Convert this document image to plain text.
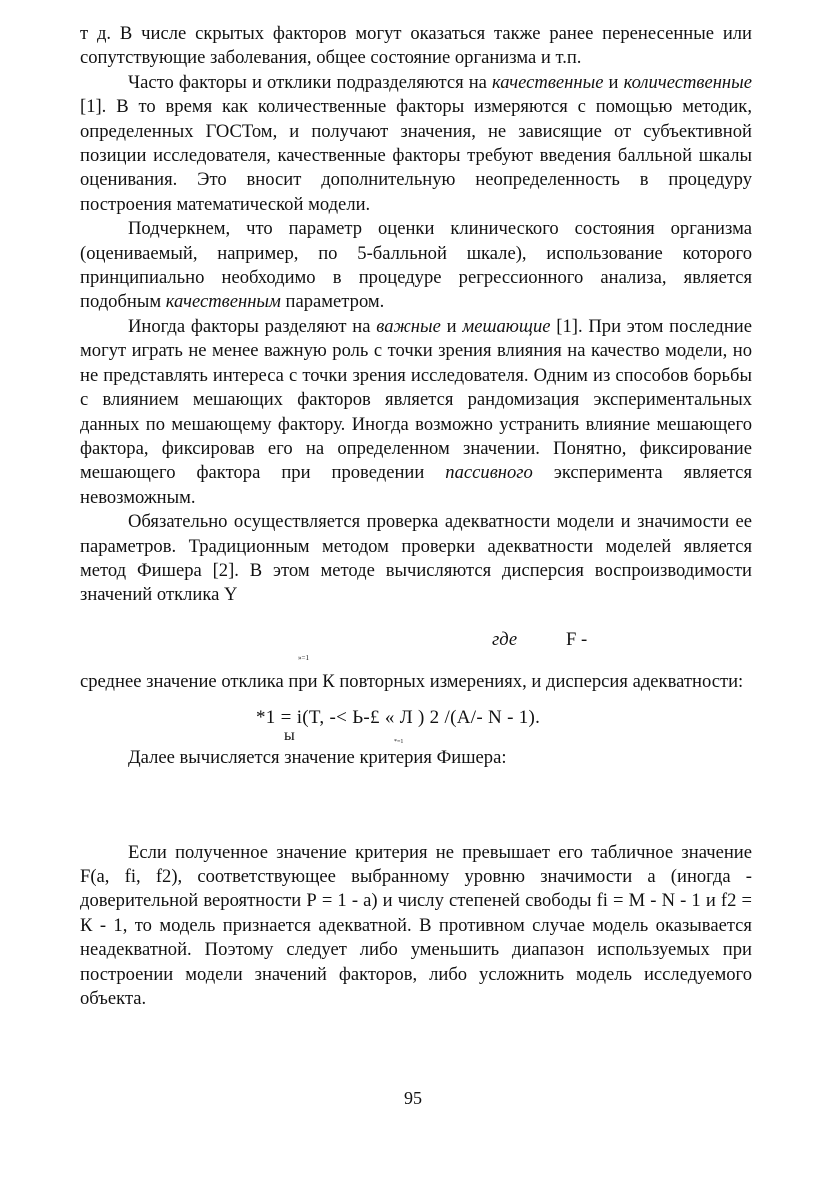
т д. В числе скрытых факторов могут оказаться также ранее перенесенные или сопутствующие заболевания, общее состояние организма и т.п.

Часто факторы и отклики подразделяются на качественные и количественные [1]. В то время как количественные факторы измеряются с помощью методик, определенных ГОСТом, и получают значения, не зависящие от субъективной позиции исследователя, качественные факторы требуют введения балльной шкалы оценивания. Это вносит дополнительную неопределенность в процедуру построения математической модели.

Подчеркнем, что параметр оценки клинического состояния организма (оцениваемый, например, по 5-балльной шкале), использование которого принципиально необходимо в процедуре регрессионного анализа, является подобным качественным параметром.

Иногда факторы разделяют на важные и мешающие [1]. При этом последние могут играть не менее важную роль с точки зрения влияния на качество модели, но не представлять интереса с точки зрения исследователя. Одним из способов борьбы с влиянием мешающих факторов является рандомизация экспериментальных данных по мешающему фактору. Иногда возможно устранить влияние мешающего фактора, фиксировав его на определенном значении. Понятно, фиксирование мешающего фактора при проведении пассивного эксперимента является невозможным.

Обязательно осуществляется проверка адекватности модели и значимости ее параметров. Традиционным методом проверки адекватности моделей является метод Фишера [2]. В этом методе вычисляются дисперсия воспроизводимости значений отклика Y

где	F -
»=1

среднее значение отклика при К повторных измерениях, и дисперсия адекватности:

*1 = i(T, -< Ь-£ « Л ) 2 /(А/- N - 1).
ы	*=1

Далее вычисляется значение критерия Фишера:

Если полученное значение критерия не превышает его табличное значение F(a, fi, f2), соответствующее выбранному уровню значимости а (иногда - доверительной вероятности Р = 1 - а) и числу степеней свободы fi = М - N - 1 и f2 = К - 1, то модель признается адекватной. В противном случае модель оказывается неадекватной. Поэтому следует либо уменьшить диапазон используемых при построении модели значений факторов, либо усложнить модель исследуемого объекта.

95
